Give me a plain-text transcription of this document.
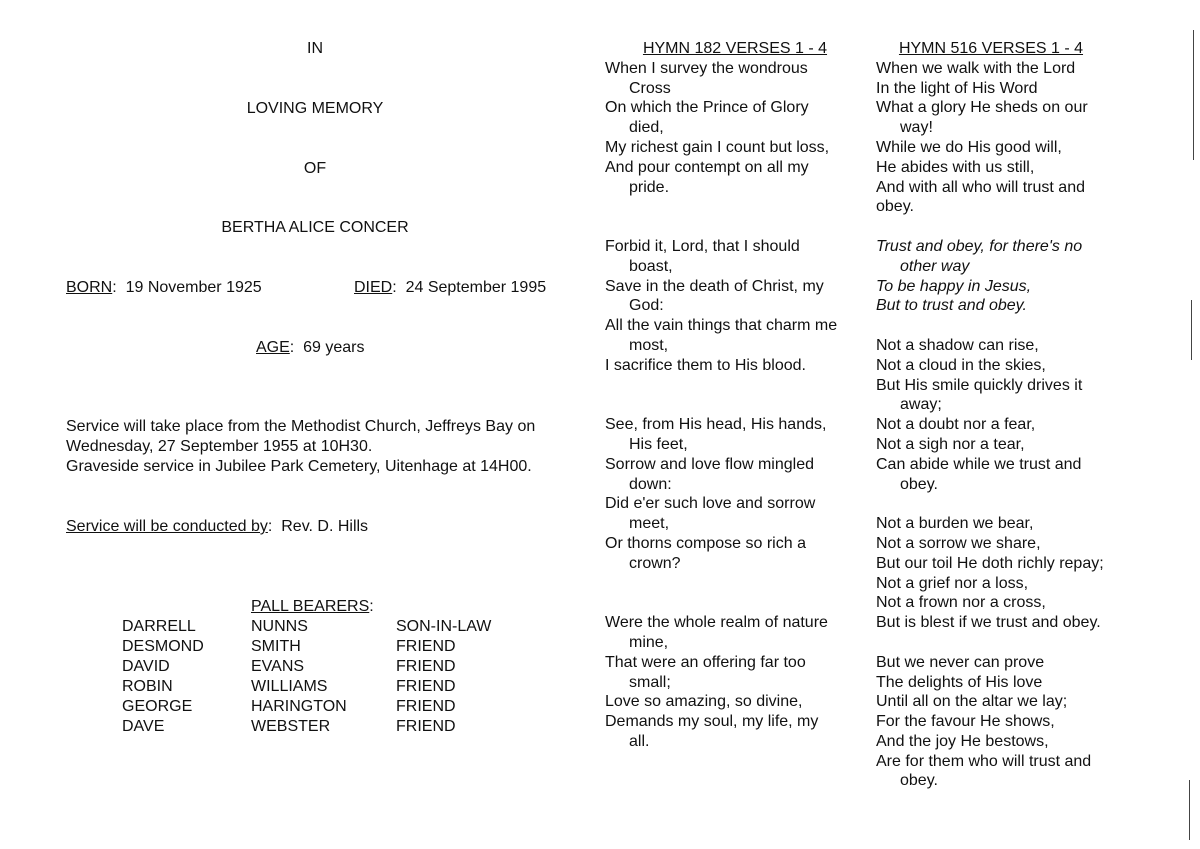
IN
LOVING MEMORY
OF
BERTHA ALICE CONCER
BORN:  19 November 1925	DIED:  24 September 1995
AGE:  69 years
Service will take place from the Methodist Church, Jeffreys Bay on
Wednesday, 27 September 1955 at 10H30.
Graveside service in Jubilee Park Cemetery, Uitenhage at 14H00.
Service will be conducted by:  Rev. D. Hills
PALL BEARERS:
DARRELL	NUNNS	SON-IN-LAW
DESMOND	SMITH	FRIEND
DAVID	EVANS	FRIEND
ROBIN	WILLIAMS	FRIEND
GEORGE	HARINGTON	FRIEND
DAVE	WEBSTER	FRIEND
HYMN 182 VERSES 1 - 4
When I survey the wondrous
Cross
On which the Prince of Glory
died,
My richest gain I count but loss,
And pour contempt on all my
pride.
Forbid it, Lord, that I should
boast,
Save in the death of Christ, my
God:
All the vain things that charm me
most,
I sacrifice them to His blood.
See, from His head, His hands,
His feet,
Sorrow and love flow mingled
down:
Did e'er such love and sorrow
meet,
Or thorns compose so rich a
crown?
Were the whole realm of nature
mine,
That were an offering far too
small;
Love so amazing, so divine,
Demands my soul, my life, my
all.
HYMN 516 VERSES 1 - 4
When we walk with the Lord
In the light of His Word
What a glory He sheds on our
way!
While we do His good will,
He abides with us still,
And with all who will trust and
obey.
Trust and obey, for there's no
other way
To be happy in Jesus,
But to trust and obey.
Not a shadow can rise,
Not a cloud in the skies,
But His smile quickly drives it
away;
Not a doubt nor a fear,
Not a sigh nor a tear,
Can abide while we trust and
obey.
Not a burden we bear,
Not a sorrow we share,
But our toil He doth richly repay;
Not a grief nor a loss,
Not a frown nor a cross,
But is blest if we trust and obey.
But we never can prove
The delights of His love
Until all on the altar we lay;
For the favour He shows,
And the joy He bestows,
Are for them who will trust and
obey.
